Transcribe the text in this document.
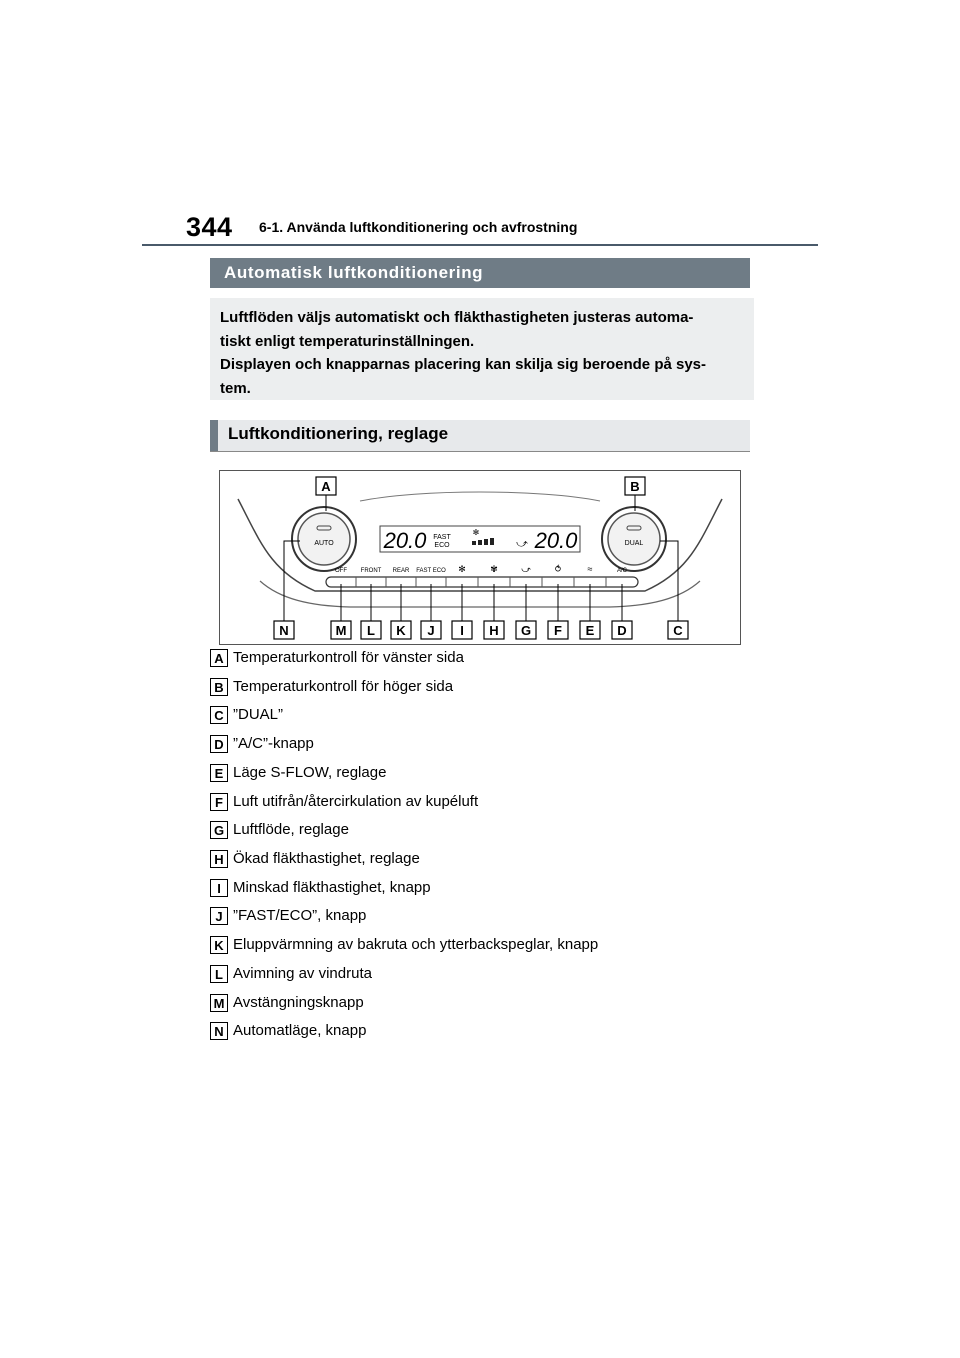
344 6-1. Använda luftkonditionering och avfrostning
Automatisk luftkonditionering

Luftflöden väljs automatiskt och fläkthastigheten justeras automa-

tiskt enligt temperaturinställningen.

Displayen och knapparnas placering kan skilja sig beroende på sys-

tem.

Luftkonditionering, reglage
AUTO	DUAL
20.0 FAST
ECO
✻
⤻ 20.0
OFF FRONT REAR FAST ECO ✻	✾	⤻	⥀	≈	A/C
A	B
N	M L K J I H G F E D	C
A Temperaturkontroll för vänster sida
B Temperaturkontroll för höger sida
C ”DUAL”
D ”A/C”-knapp
E Läge S-FLOW, reglage
F Luft utifrån/återcirkulation av kupéluft
G Luftflöde, reglage
H Ökad fläkthastighet, reglage
I Minskad fläkthastighet, knapp
J ”FAST/ECO”, knapp
K Eluppvärmning av bakruta och ytterbackspeglar, knapp
L Avimning av vindruta
M Avstängningsknapp
N Automatläge, knapp
